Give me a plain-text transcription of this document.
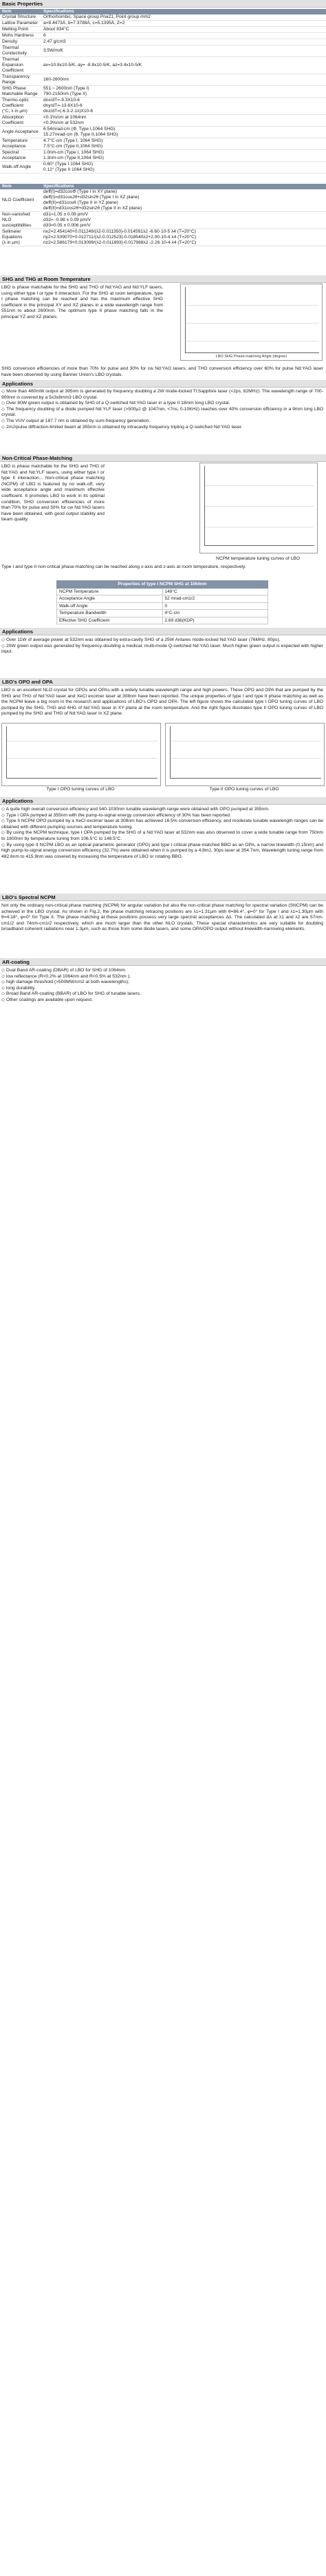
Basic Properties
Item	Specifications
Crystal Structure	Orthorhombic, Space group Pna21, Point group mm2
Lattice Parameter	a=8.4473Å, b=7.3788Å, c=5.1395Å, Z=2
Melting Point	About 834°C
Mohs Hardness	6
Density	2.47 g/cm3
Thermal Conductivity	3.5W/m/K
Thermal Expansion Coefficient	ax=10.8x10-5/K, ay= -8.8x10-5/K, az=3.4x10-5/K
Transparency Range	160-2600nm
SHG Phase Matchable Range	551 ~ 2600nm (Type I)
790-2150nm (Type II)
Thermo-optic Coefficient
(°C, λ in μm)	dnx/dT=-9.3X10-6
dny/dT=-13.6X10-6
dnz/dT=(-6.3-2.1λ)X10-6
Absorption Coefficient	<0.1%/cm at 1064nm
<0.3%/cm at 532nm
Angle Acceptance	6.54mrad-cm (Φ, Type I,1064 SHG)
15.27mrad-cm (θ, Type II,1064 SHG)
Temperature Acceptance	4.7°C-cm (Type I, 1064 SHG)
7.5°C-cm (Type II,1064 SHG)
Spectral Acceptance	1.0nm-cm (Type I, 1064 SHG)
1.3nm-cm (Type II,1064 SHG)
Walk-off Angle	0.60° (Type I 1064 SHG)
0.12° (Type II 1064 SHG)
Item	Specifications
NLO Coefficient	deff(I)=d32cosΦ (Type I in XY plane)
deff(I)=d31cos2θ+d32sin2θ (Type I in XZ plane)
deff(II)=d31cosθ (Type II in YZ plane)
deff(II)=d31cos2θ+d32sin2θ (Type II in XZ plane)
Non-vanished NLO susceptibilities	d31=1.05 ± 0.09 pm/V
d32= -0.98 ± 0.09 pm/V
d33=0.05 ± 0.006 pm/V
Sellmeier Equations
(λ in μm)	nx2=2.454140+0.011249/(λ2-0.011350)-0.014591λ2 -6.60·10-5 λ4 (T=20°C)
ny2=2.539070+0.012711/(λ2-0.012523)-0.018540λ2+2.00·10-4 λ4 (T=20°C)
nz2=2.586179+0.013099/(λ2-0.011893)-0.017968λ2 -2.26·10-4 λ4 (T=20°C)
SHG and THG at Room Temperature
LBO is phase matchable for the SHG and THG of Nd:YAG and Nd:YLF lasers, using either type I or type II interaction. For the SHG at room temperature, type I phase matching can be reached and has the maximum effective SHG coefficient in the principal XY and XZ planes in a wide wavelength range from 551nm to about 2600nm. The optimum type II phase matching falls in the principal YZ and XZ planes.
LBO SHG Phase-matching Angle (degree)
SHG conversion efficiencies of more than 70% for pulse and 30% for cw Nd:YAG lasers, and THG conversion efficiency over 60% for pulse Nd:YAG laser have been observed by using Banner Union's LBO crystals.
Applications

◇ More than 480mW output at 395nm is generated by frequency doubling a 2W mode-locked Ti:Sapphire laser (<2ps, 82MHz). The wavelength range of 700-900nm is covered by a 5x3x8mm3 LBO crystal.

◇ Over 80W green output is obtained by SHG of a Q-switched Nd:YAG laser in a type II 18mm long LBO crystal.

◇ The frequency doubling of a diode pumped Nd:YLF laser (>500μJ @ 1047nm, <7ns, 0-10KHz) reaches over 40% conversion efficiency in a 9mm long LBO crystal.

◇ The VUV output at 187.7 nm is obtained by sum-frequency generation.

◇ 2mJ/pulse diffraction-limited beam at 355nm is obtained by intracavity frequency tripling a Q-switched Nd:YAG laser.

Non-Critical Phase-Matching
LBO is phase matchable for the SHG and THG of Nd:YAG and Nd:YLF lasers, using either type I or type II interaction... Non-critical phase matching (NCPM) of LBO is featured by no walk-off, very wide acceptance angle and maximum effective coefficient. It promotes LBO to work in its optimal condition. SHG conversion efficiencies of more than 70% for pulse and 30% for cw Nd:YAG lasers have been obtained, with good output stability and beam quality.
NCPM temperature tuning curves of LBO
Type I and type II non-critical phase-matching can be reached along x-axis and z-axis at room temperature, respectively.
Properties of type I NCPM SHG at 1064nm	
NCPM Temperature	148°C
Acceptance Angle	52 mrad-cm1/2
Walk-off Angle	0
Temperature Bandwidth	4°C-cm
Effective SHG Coefficient	2.69 d36(KDP)
Applications

◇ Over 11W of average power at 532nm was obtained by extra-cavity SHG of a 25W Antares mode-locked Nd:YAG laser (76MHz, 80ps).

◇ 20W green output was generated by frequency-doubling a medical, multi-mode Q-switched Nd:YAG laser. Much higher green output is expected with higher input.

LBO's OPO and OPA
LBO is an excellent NLO crystal for OPOs and OPAs with a widely tunable wavelength range and high powers. These OPO and OPA that are pumped by the SHG and THG of Nd:YAG laser and XeCl excimer laser at 308nm have been reported. The unique properties of type I and type II phase matching as well as the NCPM leave a big room in the research and applications of LBO's OPO and OPA. The left figure shows the calculated type I OPO tuning curves of LBO pumped by the SHG, THG and 4HG of Nd:YAG laser in XY plane at the room temperature. And the right figure illustrates type II OPO tuning curves of LBO pumped by the SHG and THG of Nd:YAG laser in XZ plane.
Type I OPO tuning curves of LBO	Type II OPO tuning curves of LBO
Applications

◇ A quite high overall conversion efficiency and 540-1030nm tunable wavelength range were obtained with OPO pumped at 355nm.

◇ Type I OPA pumped at 355nm with the pump-to-signal energy conversion efficiency of 30% has been reported.

◇ Type II NCPM OPO pumped by a XeCl excimer laser at 308nm has achieved 16.5% conversion efficiency, and moderate tunable wavelength ranges can be obtained with different pumping sources and temperature tuning.

◇ By using the NCPM technique, type I OPA pumped by the SHG of a Nd:YAG laser at 532nm was also observed to cover a wide tunable range from 750nm to 1800nm by temperature tuning from 106.5°C to 148.5°C.

◇ By using type II NCPM LBO as an optical parametric generator (OPG) and type I critical phase-matched BBO as an OPA, a narrow linewidth (0.15nm) and high pump-to-signal energy conversion efficiency (32.7%) were obtained when it is pumped by a 4.8mJ, 30ps laser at 354.7nm. Wavelength tuning range from 482.6nm to 415.9nm was covered by increasing the temperature of LBO or rotating BBO.

LBO's Spectral NCPM
Not only the ordinary non-critical phase matching (NCPM) for angular variation but also the non-critical phase matching for spectral variation (SNCPM) can be achieved in the LBO crystal. As shown in Fig.2, the phase matching retracing positions are λ1=1.31μm with θ=86.4°, φ=0° for Type I and λ1=1.30μm with θ=4.18°, φ=0° for Type II. The phase matching at these positions possess very large spectral acceptances Δλ. The calculated Δλ at λ1 and λ2 are 57nm-cm1/2 and 74nm-cm1/2 respectively, which are much larger than the other NLO crystals. These special characteristics are very suitable for doubling broadband coherent radiations near 1.3μm, such as those from some diode lasers, and some OPA/OPO output without linewidth-narrowing elements.
AR-coating

◇ Dual Band AR-coating (DBAR) of LBO for SHG of 1064nm.

◇ low reflectance (R<0.2% at 1064nm and R<0.5% at 532nm );

◇ high damage threshold (>500MW/cm2 at both wavelengths);

◇ long durability.

◇ Broad Band AR-coating (BBAR) of LBO for SHG of tunable lasers.

◇ Other coatings are available upon request.
